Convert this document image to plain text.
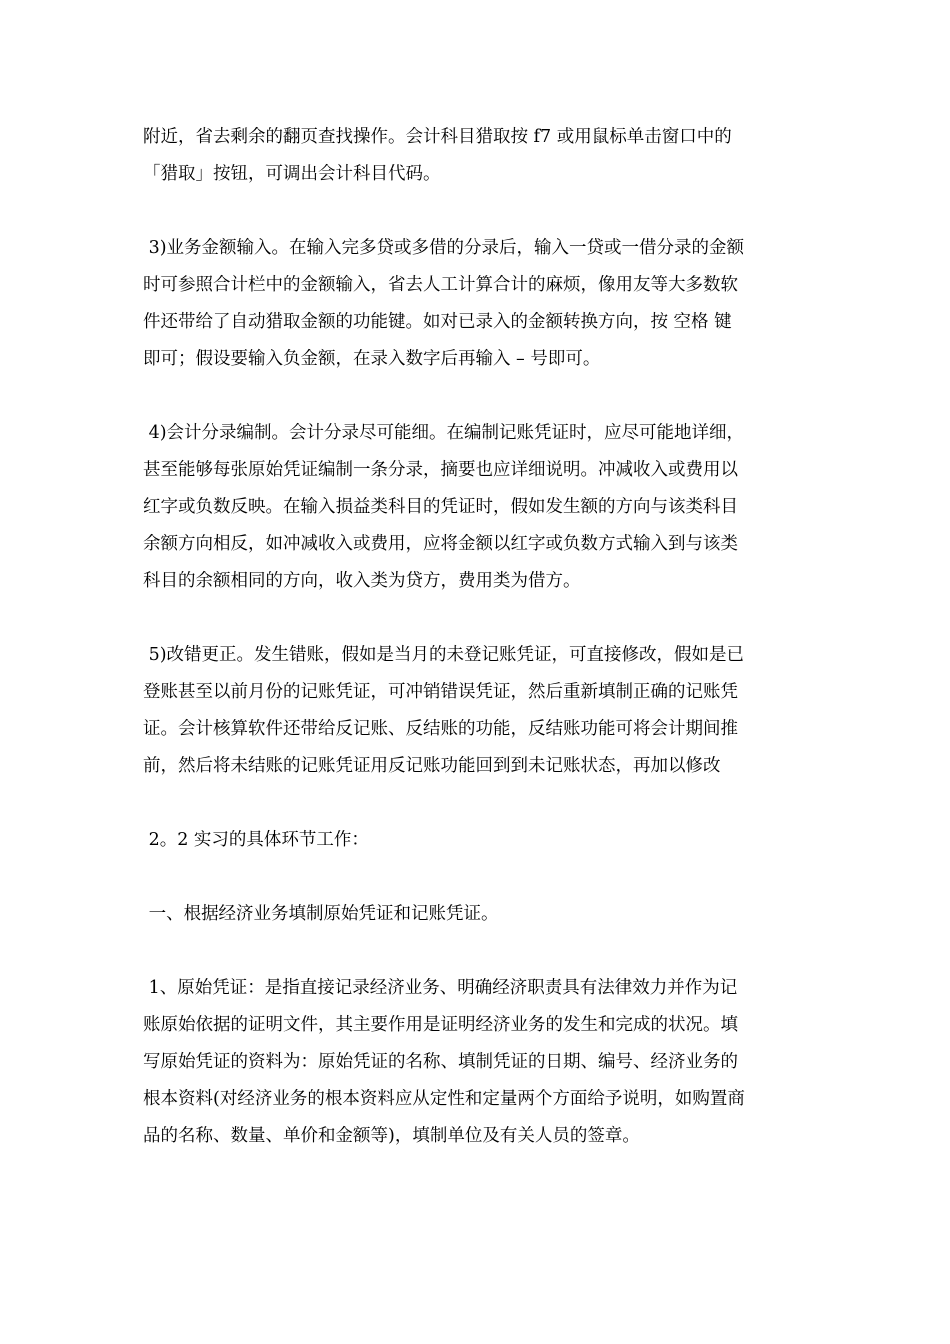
附近，省去剩余的翻页查找操作。会计科目猎取按 f7 或用鼠标单击窗口中的

「猎取」按钮，可调出会计科目代码。

3)业务金额输入。在输入完多贷或多借的分录后，输入一贷或一借分录的金额

时可参照合计栏中的金额输入，省去人工计算合计的麻烦，像用友等大多数软

件还带给了自动猎取金额的功能键。如对已录入的金额转换方向，按 空格 键

即可；假设要输入负金额，在录入数字后再输入 – 号即可。

4)会计分录编制。会计分录尽可能细。在编制记账凭证时，应尽可能地详细，

甚至能够每张原始凭证编制一条分录，摘要也应详细说明。冲减收入或费用以

红字或负数反映。在输入损益类科目的凭证时，假如发生额的方向与该类科目

余额方向相反，如冲减收入或费用，应将金额以红字或负数方式输入到与该类

科目的余额相同的方向，收入类为贷方，费用类为借方。

5)改错更正。发生错账，假如是当月的未登记账凭证，可直接修改，假如是已

登账甚至以前月份的记账凭证，可冲销错误凭证，然后重新填制正确的记账凭

证。会计核算软件还带给反记账、反结账的功能，反结账功能可将会计期间推

前，然后将未结账的记账凭证用反记账功能回到到未记账状态，再加以修改

2。2 实习的具体环节工作：

一、根据经济业务填制原始凭证和记账凭证。

1、原始凭证：是指直接记录经济业务、明确经济职责具有法律效力并作为记

账原始依据的证明文件，其主要作用是证明经济业务的发生和完成的状况。填

写原始凭证的资料为：原始凭证的名称、填制凭证的日期、编号、经济业务的

根本资料(对经济业务的根本资料应从定性和定量两个方面给予说明，如购置商

品的名称、数量、单价和金额等)，填制单位及有关人员的签章。
